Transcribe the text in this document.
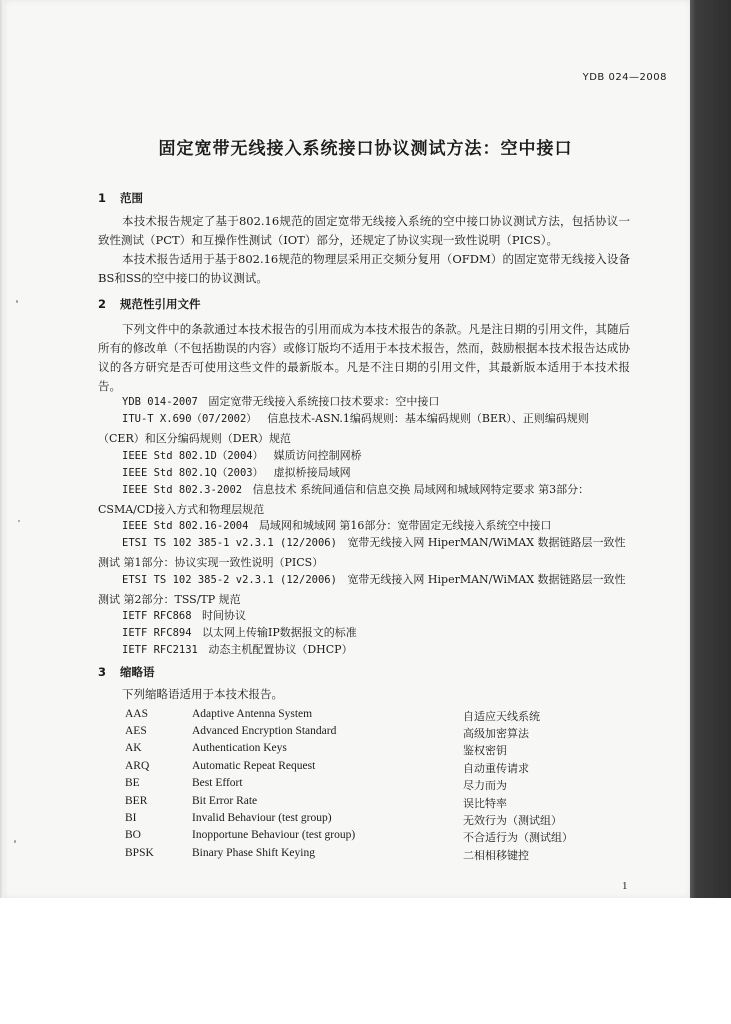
YDB 024—2008
固定宽带无线接入系统接口协议测试方法：空中接口
1 范围

本技术报告规定了基于802.16规范的固定宽带无线接入系统的空中接口协议测试方法，包括协议一致性测试（PCT）和互操作性测试（IOT）部分，还规定了协议实现一致性说明（PICS）。

本技术报告适用于基于802.16规范的物理层采用正交频分复用（OFDM）的固定宽带无线接入设备BS和SS的空中接口的协议测试。

2 规范性引用文件

下列文件中的条款通过本技术报告的引用而成为本技术报告的条款。凡是注日期的引用文件，其随后所有的修改单（不包括勘误的内容）或修订版均不适用于本技术报告，然而，鼓励根据本技术报告达成协议的各方研究是否可使用这些文件的最新版本。凡是不注日期的引用文件，其最新版本适用于本技术报告。

YDB 014-2007 固定宽带无线接入系统接口技术要求：空中接口

ITU-T X.690（07/2002） 信息技术-ASN.1编码规则：基本编码规则（BER）、正则编码规则（CER）和区分编码规则（DER）规范

IEEE Std 802.1D（2004） 媒质访问控制网桥

IEEE Std 802.1Q（2003） 虚拟桥接局域网

IEEE Std 802.3-2002 信息技术 系统间通信和信息交换 局域网和城域网特定要求 第3部分：CSMA/CD接入方式和物理层规范

IEEE Std 802.16-2004 局域网和城域网 第16部分：宽带固定无线接入系统空中接口

ETSI TS 102 385-1 v2.3.1 (12/2006) 宽带无线接入网 HiperMAN/WiMAX 数据链路层一致性测试 第1部分：协议实现一致性说明（PICS）

ETSI TS 102 385-2 v2.3.1 (12/2006) 宽带无线接入网 HiperMAN/WiMAX 数据链路层一致性测试 第2部分：TSS/TP 规范

IETF RFC868 时间协议

IETF RFC894 以太网上传输IP数据报文的标准

IETF RFC2131 动态主机配置协议（DHCP）

3 缩略语
下列缩略语适用于本技术报告。
AAS	Adaptive Antenna System	自适应天线系统
AES	Advanced Encryption Standard	高级加密算法
AK	Authentication Keys	鉴权密钥
ARQ	Automatic Repeat Request	自动重传请求
BE	Best Effort	尽力而为
BER	Bit Error Rate	误比特率
BI	Invalid Behaviour (test group)	无效行为（测试组）
BO	Inopportune Behaviour (test group)	不合适行为（测试组）
BPSK	Binary Phase Shift Keying	二相相移键控
1
